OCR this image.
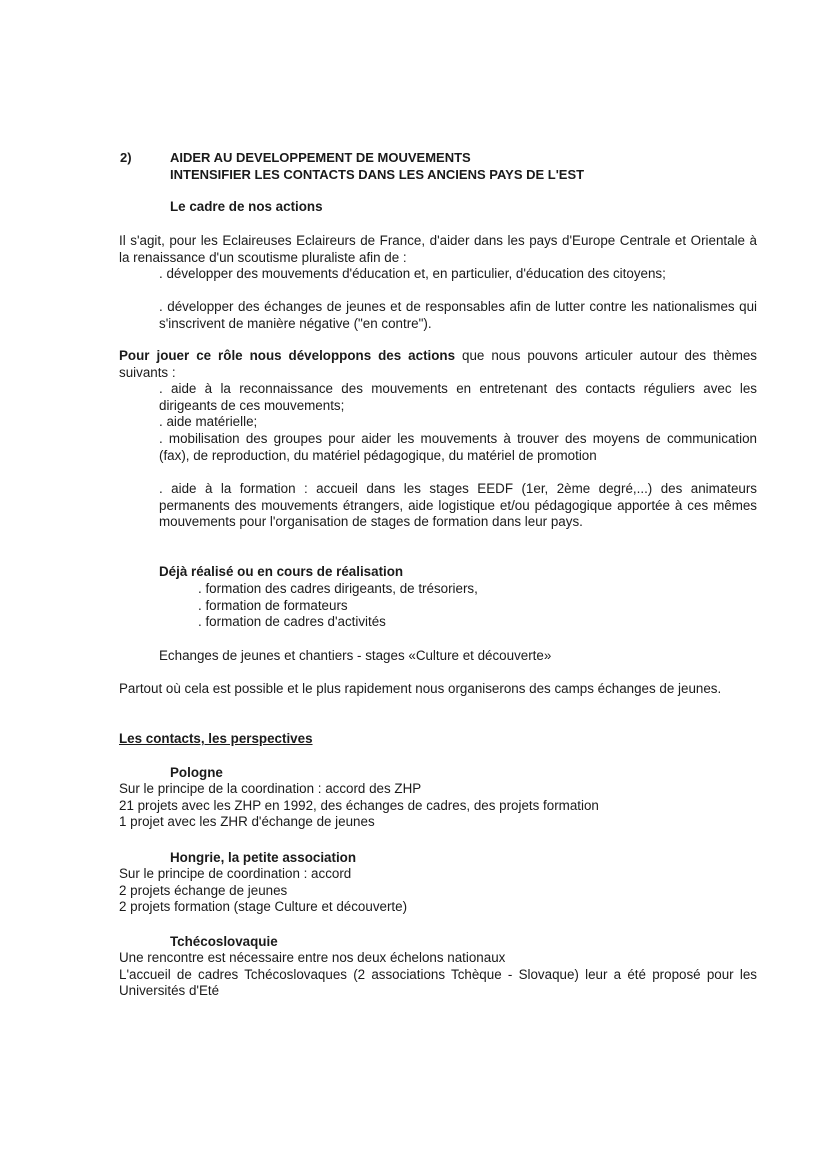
2)	AIDER AU DEVELOPPEMENT DE MOUVEMENTS
INTENSIFIER LES CONTACTS DANS LES ANCIENS PAYS DE L'EST
Le cadre de nos actions

Il s'agit, pour les Eclaireuses Eclaireurs de France, d'aider dans les pays d'Europe Centrale et Orientale à la renaissance d'un scoutisme pluraliste afin de :

. développer des mouvements d'éducation et, en particulier, d'éducation des citoyens;

. développer des échanges de jeunes et de responsables afin de lutter contre les nationalismes qui s'inscrivent de manière négative ("en contre").

Pour jouer ce rôle nous développons des actions que nous pouvons articuler autour des thèmes suivants :

. aide à la reconnaissance des mouvements en entretenant des contacts réguliers avec les dirigeants de ces mouvements;

. aide matérielle;

. mobilisation des groupes pour aider les mouvements à trouver des moyens de communication (fax), de reproduction, du matériel pédagogique, du matériel de promotion

. aide à la formation : accueil dans les stages EEDF (1er, 2ème degré,...) des animateurs permanents des mouvements étrangers, aide logistique et/ou pédagogique apportée à ces mêmes mouvements pour l'organisation de stages de formation dans leur pays.

Déjà réalisé ou en cours de réalisation
. formation des cadres dirigeants, de trésoriers,
. formation de formateurs
. formation de cadres d'activités
Echanges de jeunes et chantiers - stages «Culture et découverte»

Partout où cela est possible et le plus rapidement nous organiserons des camps échanges de jeunes.

Les contacts, les perspectives
Pologne
Sur le principe de la coordination : accord des ZHP
21 projets avec les ZHP en 1992, des échanges de cadres, des projets formation
1 projet avec les ZHR d'échange de jeunes
Hongrie, la petite association
Sur le principe de coordination : accord
2 projets échange de jeunes
2 projets formation (stage Culture et découverte)
Tchécoslovaquie
Une rencontre est nécessaire entre nos deux échelons nationaux

L'accueil de cadres Tchécoslovaques (2 associations Tchèque - Slovaque) leur a été proposé pour les Universités d'Eté
